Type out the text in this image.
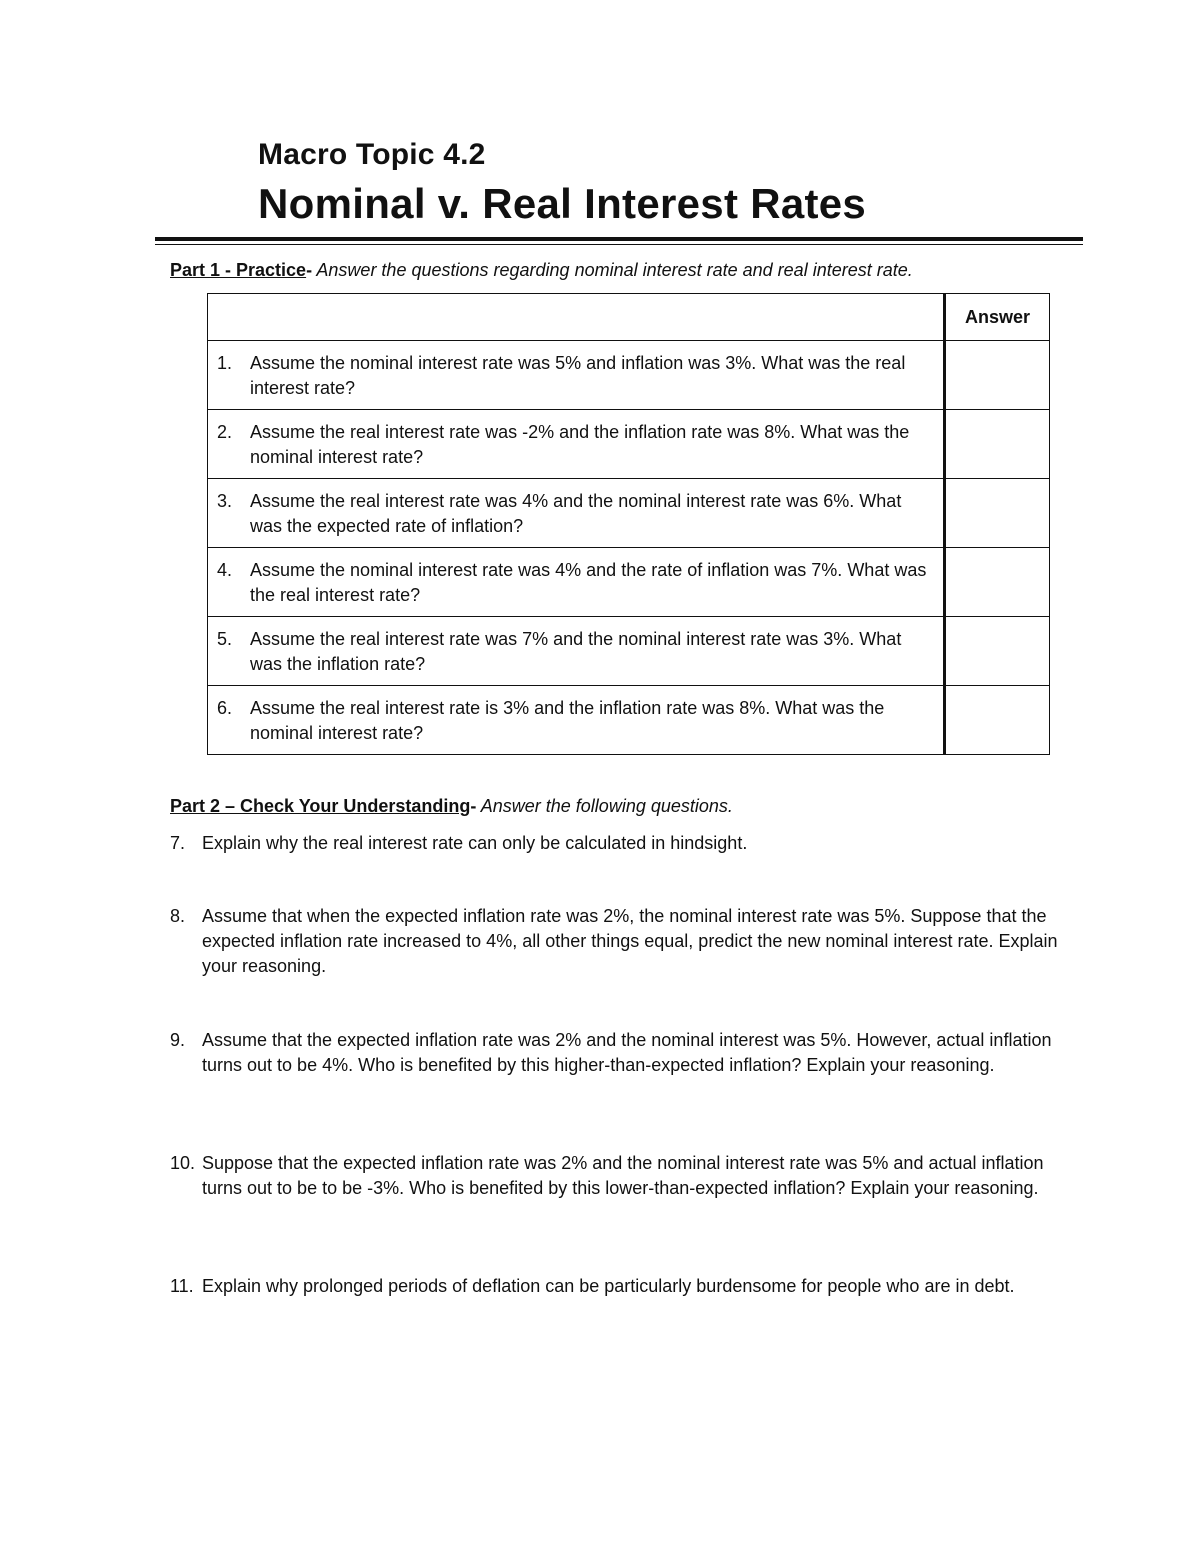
Macro Topic 4.2
Nominal v. Real Interest Rates
Part 1 - Practice- Answer the questions regarding nominal interest rate and real interest rate.
	Answer

1. Assume the nominal interest rate was 5% and inflation was 3%. What was the real interest rate?	

2. Assume the real interest rate was -2% and the inflation rate was 8%. What was the nominal interest rate?	

3. Assume the real interest rate was 4% and the nominal interest rate was 6%. What was the expected rate of inflation?	

4. Assume the nominal interest rate was 4% and the rate of inflation was 7%. What was the real interest rate?	

5. Assume the real interest rate was 7% and the nominal interest rate was 3%. What was the inflation rate?	

6. Assume the real interest rate is 3% and the inflation rate was 8%. What was the nominal interest rate?	

Part 2 – Check Your Understanding- Answer the following questions.
7. Explain why the real interest rate can only be calculated in hindsight.
8. Assume that when the expected inflation rate was 2%, the nominal interest rate was 5%. Suppose that the expected inflation rate increased to 4%, all other things equal, predict the new nominal interest rate. Explain your reasoning.
9. Assume that the expected inflation rate was 2% and the nominal interest was 5%. However, actual inflation turns out to be 4%. Who is benefited by this higher-than-expected inflation? Explain your reasoning.
10. Suppose that the expected inflation rate was 2% and the nominal interest rate was 5% and actual inflation turns out to be to be -3%. Who is benefited by this lower-than-expected inflation? Explain your reasoning.
11. Explain why prolonged periods of deflation can be particularly burdensome for people who are in debt.
